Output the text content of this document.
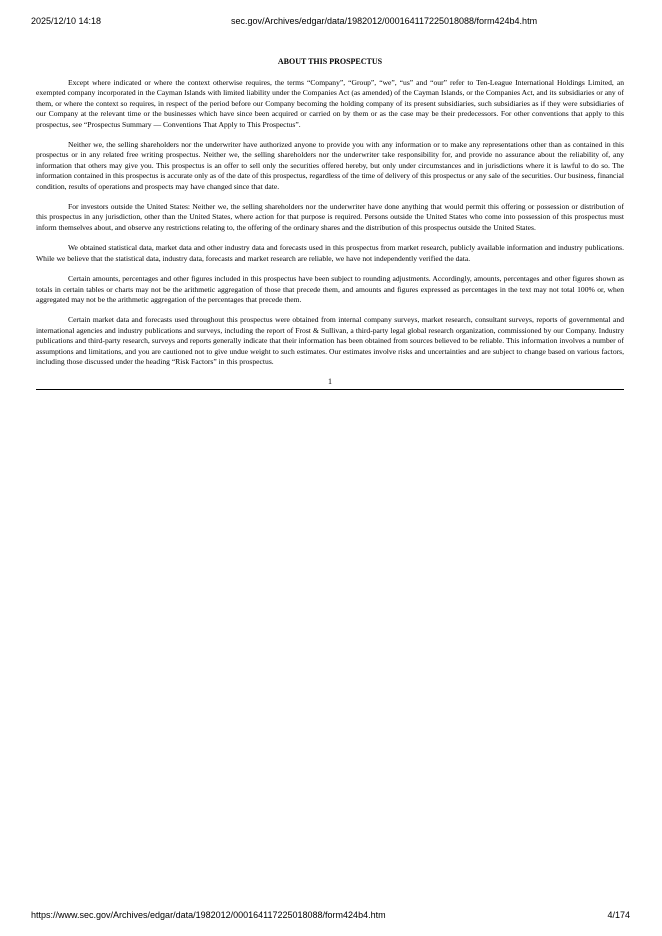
2025/12/10 14:18	sec.gov/Archives/edgar/data/1982012/000164117225018088/form424b4.htm
ABOUT THIS PROSPECTUS

Except where indicated or where the context otherwise requires, the terms “Company”, “Group”, “we”, “us” and “our” refer to Ten-League International Holdings Limited, an exempted company incorporated in the Cayman Islands with limited liability under the Companies Act (as amended) of the Cayman Islands, or the Companies Act, and its subsidiaries or any of them, or where the context so requires, in respect of the period before our Company becoming the holding company of its present subsidiaries, such subsidiaries as if they were subsidiaries of our Company at the relevant time or the businesses which have since been acquired or carried on by them or as the case may be their predecessors. For other conventions that apply to this prospectus, see “Prospectus Summary — Conventions That Apply to This Prospectus”.

Neither we, the selling shareholders nor the underwriter have authorized anyone to provide you with any information or to make any representations other than as contained in this prospectus or in any related free writing prospectus. Neither we, the selling shareholders nor the underwriter take responsibility for, and provide no assurance about the reliability of, any information that others may give you. This prospectus is an offer to sell only the securities offered hereby, but only under circumstances and in jurisdictions where it is lawful to do so. The information contained in this prospectus is accurate only as of the date of this prospectus, regardless of the time of delivery of this prospectus or any sale of the securities. Our business, financial condition, results of operations and prospects may have changed since that date.

For investors outside the United States: Neither we, the selling shareholders nor the underwriter have done anything that would permit this offering or possession or distribution of this prospectus in any jurisdiction, other than the United States, where action for that purpose is required. Persons outside the United States who come into possession of this prospectus must inform themselves about, and observe any restrictions relating to, the offering of the ordinary shares and the distribution of this prospectus outside the United States.

We obtained statistical data, market data and other industry data and forecasts used in this prospectus from market research, publicly available information and industry publications. While we believe that the statistical data, industry data, forecasts and market research are reliable, we have not independently verified the data.

Certain amounts, percentages and other figures included in this prospectus have been subject to rounding adjustments. Accordingly, amounts, percentages and other figures shown as totals in certain tables or charts may not be the arithmetic aggregation of those that precede them, and amounts and figures expressed as percentages in the text may not total 100% or, when aggregated may not be the arithmetic aggregation of the percentages that precede them.

Certain market data and forecasts used throughout this prospectus were obtained from internal company surveys, market research, consultant surveys, reports of governmental and international agencies and industry publications and surveys, including the report of Frost & Sullivan, a third-party legal global research organization, commissioned by our Company. Industry publications and third-party research, surveys and reports generally indicate that their information has been obtained from sources believed to be reliable. This information involves a number of assumptions and limitations, and you are cautioned not to give undue weight to such estimates. Our estimates involve risks and uncertainties and are subject to change based on various factors, including those discussed under the heading “Risk Factors” in this prospectus.

1
https://www.sec.gov/Archives/edgar/data/1982012/000164117225018088/form424b4.htm	4/174
